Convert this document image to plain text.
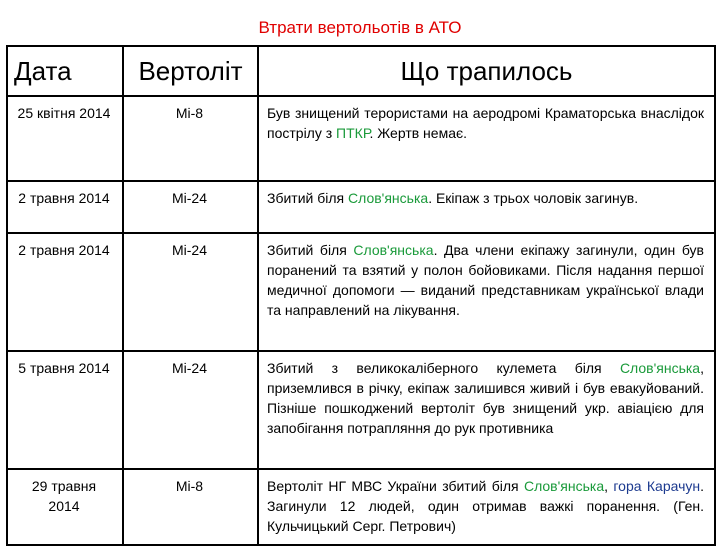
Втрати вертольотів в АТО
Дата	Вертоліт	Що трапилось
25 квітня 2014	Мі-8	Був знищений терористами на аеродромі Краматорська внаслідок пострілу з ПТКР. Жертв немає.
2 травня 2014	Мі-24	Збитий біля Слов'янська. Екіпаж з трьох чоловік загинув.
2 травня 2014	Мі-24	Збитий біля Слов'янська. Два члени екіпажу загинули, один був поранений та взятий у полон бойовиками. Після надання першої медичної допомоги — виданий представникам української влади та направлений на лікування.
5 травня 2014	Мі-24	Збитий з великокаліберного кулемета біля Слов'янська, приземлився в річку, екіпаж залишився живий і був евакуйований. Пізніше пошкоджений вертоліт був знищений укр. авіацією для запобігання потрапляння до рук противника
29 травня 2014	Мі-8	Вертоліт НГ МВС України збитий біля Слов'янська, гора Карачун. Загинули 12 людей, один отримав важкі поранення. (Ген. Кульчицький Серг. Петрович)
